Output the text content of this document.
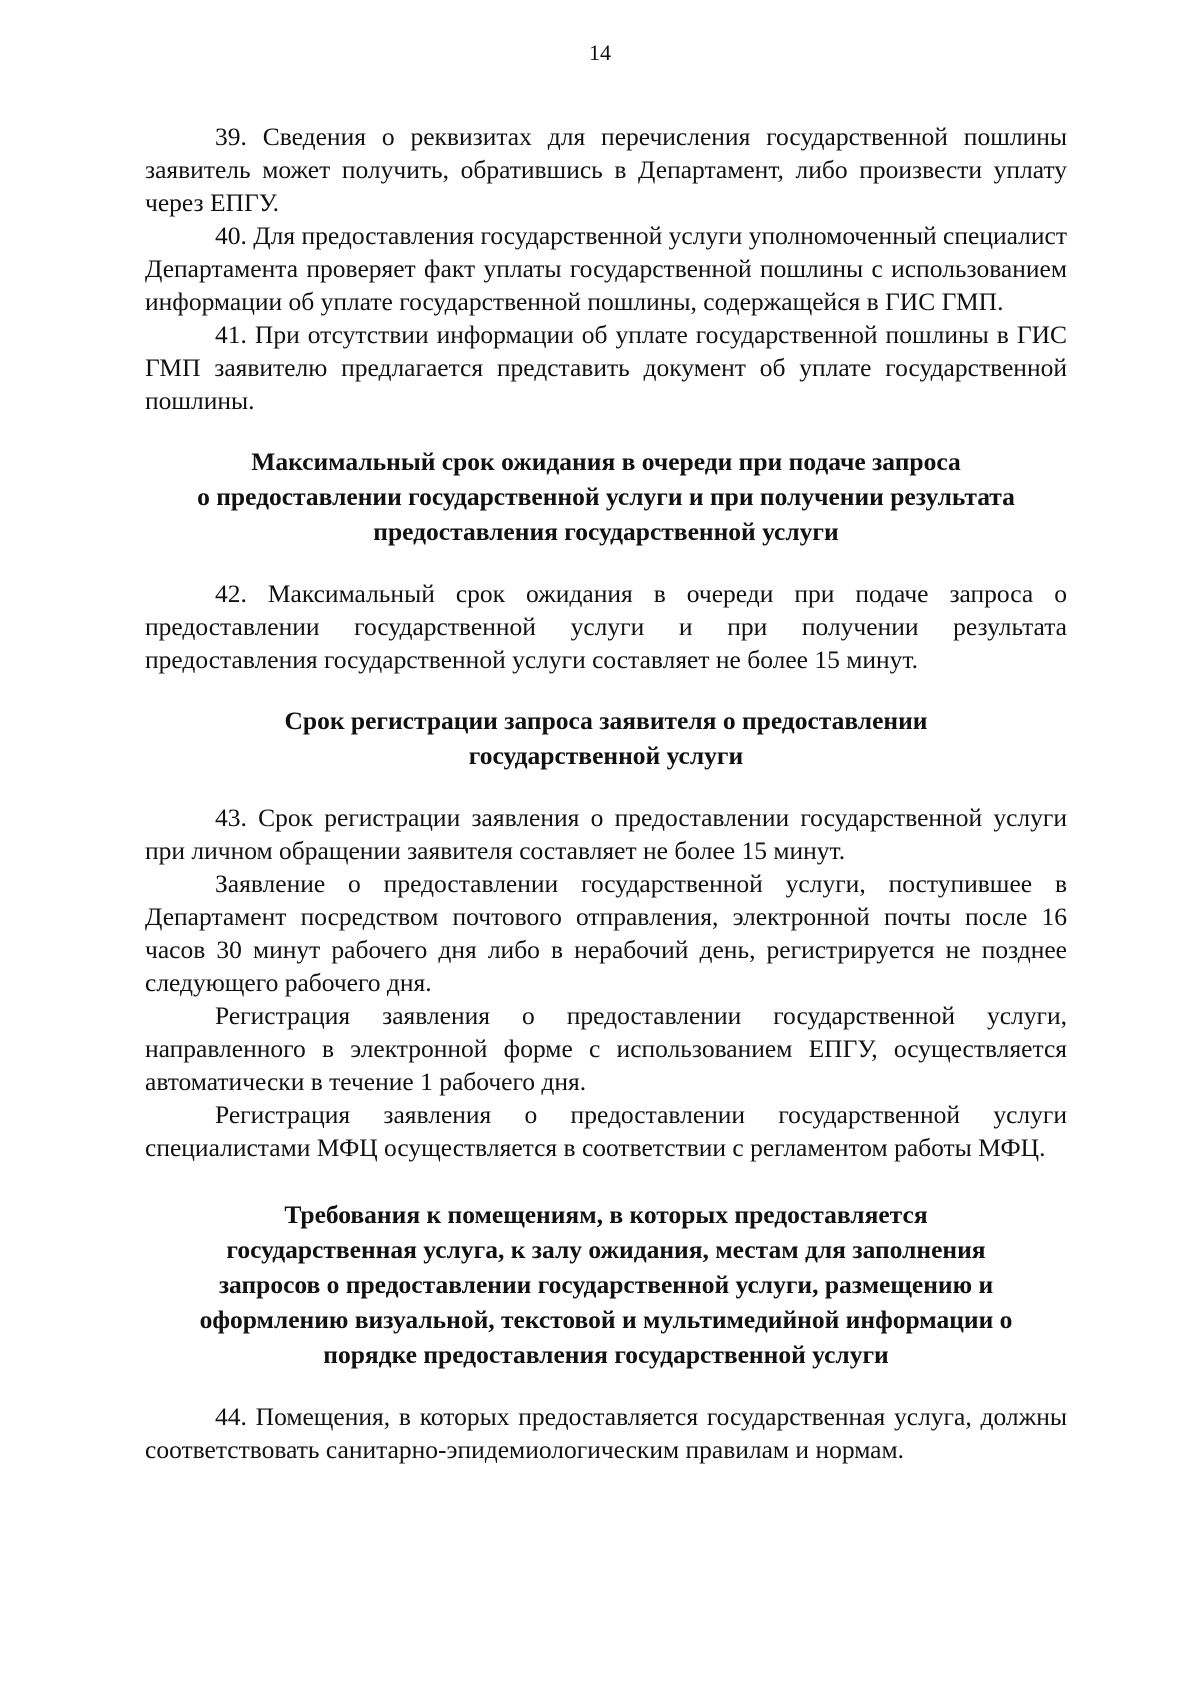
14

39. Сведения о реквизитах для перечисления государственной пошлины заявитель может получить, обратившись в Департамент, либо произвести уплату через ЕПГУ.

40. Для предоставления государственной услуги уполномоченный специалист Департамента проверяет факт уплаты государственной пошлины с использованием информации об уплате государственной пошлины, содержащейся в ГИС ГМП.

41. При отсутствии информации об уплате государственной пошлины в ГИС ГМП заявителю предлагается представить документ об уплате государственной пошлины.

Максимальный срок ожидания в очереди при подаче запроса
о предоставлении государственной услуги и при получении результата
предоставления государственной услуги

42. Максимальный срок ожидания в очереди при подаче запроса о предоставлении государственной услуги и при получении результата предоставления государственной услуги составляет не более 15 минут.

Срок регистрации запроса заявителя о предоставлении
государственной услуги

43. Срок регистрации заявления о предоставлении государственной услуги при личном обращении заявителя составляет не более 15 минут.

Заявление о предоставлении государственной услуги, поступившее в Департамент посредством почтового отправления, электронной почты после 16 часов 30 минут рабочего дня либо в нерабочий день, регистрируется не позднее следующего рабочего дня.

Регистрация заявления о предоставлении государственной услуги, направленного в электронной форме с использованием ЕПГУ, осуществляется автоматически в течение 1 рабочего дня.

Регистрация заявления о предоставлении государственной услуги специалистами МФЦ осуществляется в соответствии с регламентом работы МФЦ.

Требования к помещениям, в которых предоставляется
государственная услуга, к залу ожидания, местам для заполнения
запросов о предоставлении государственной услуги, размещению и
оформлению визуальной, текстовой и мультимедийной информации о
порядке предоставления государственной услуги

44. Помещения, в которых предоставляется государственная услуга, должны соответствовать санитарно-эпидемиологическим правилам и нормам.
